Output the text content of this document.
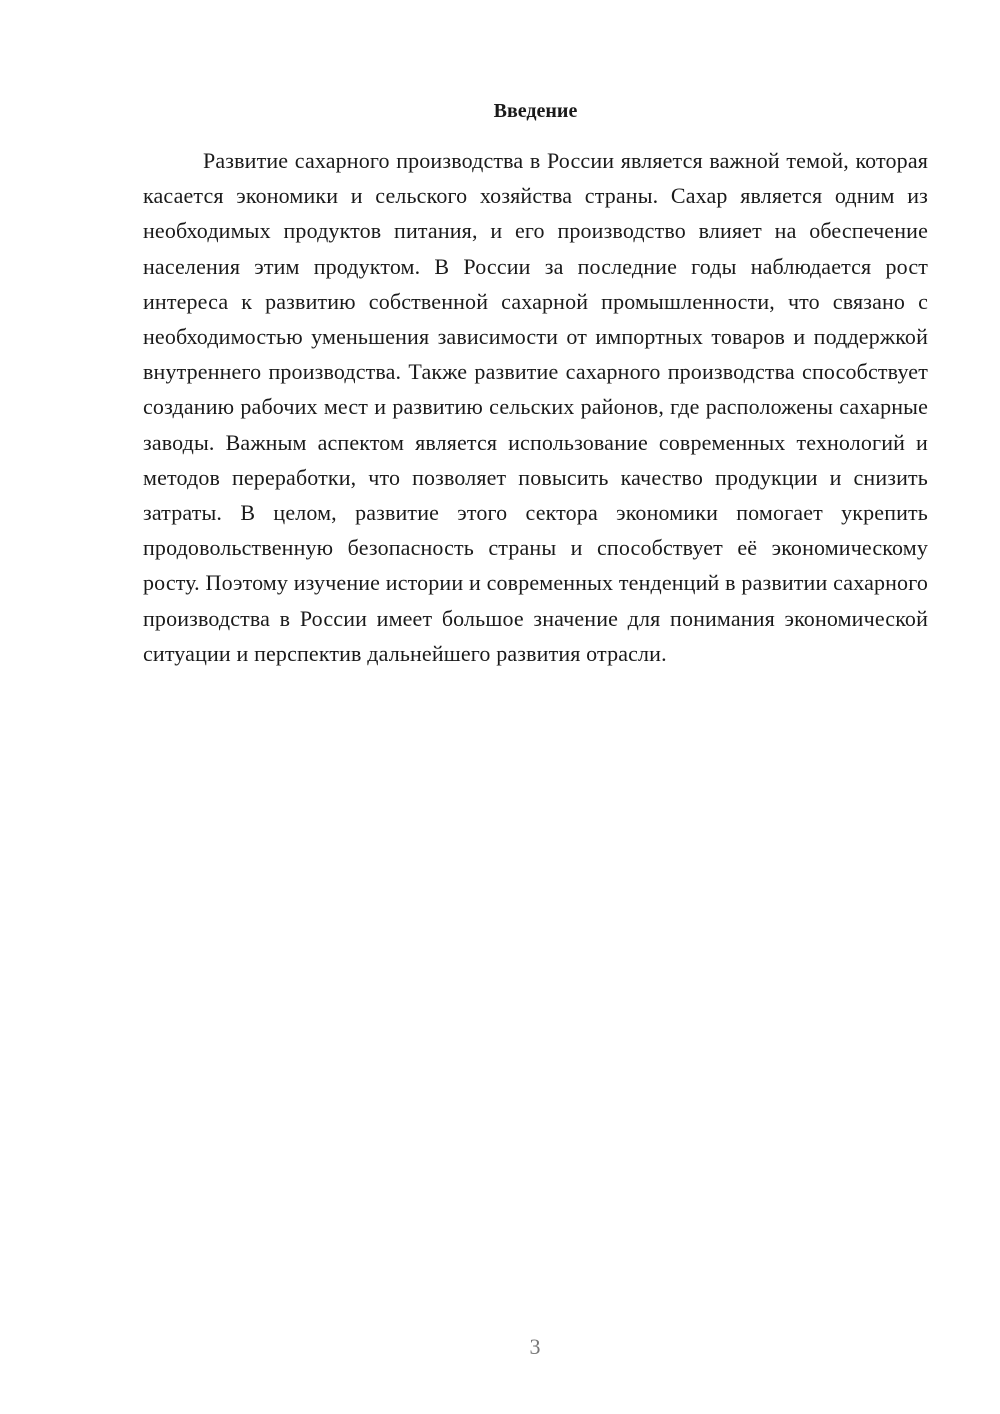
Введение

Развитие сахарного производства в России является важной темой, которая касается экономики и сельского хозяйства страны. Сахар является одним из необходимых продуктов питания, и его производство влияет на обеспечение населения этим продуктом. В России за последние годы наблюдается рост интереса к развитию собственной сахарной промышленности, что связано с необходимостью уменьшения зависимости от импортных товаров и поддержкой внутреннего производства. Также развитие сахарного производства способствует созданию рабочих мест и развитию сельских районов, где расположены сахарные заводы. Важным аспектом является использование современных технологий и методов переработки, что позволяет повысить качество продукции и снизить затраты. В целом, развитие этого сектора экономики помогает укрепить продовольственную безопасность страны и способствует её экономическому росту. Поэтому изучение истории и современных тенденций в развитии сахарного производства в России имеет большое значение для понимания экономической ситуации и перспектив дальнейшего развития отрасли.

3
